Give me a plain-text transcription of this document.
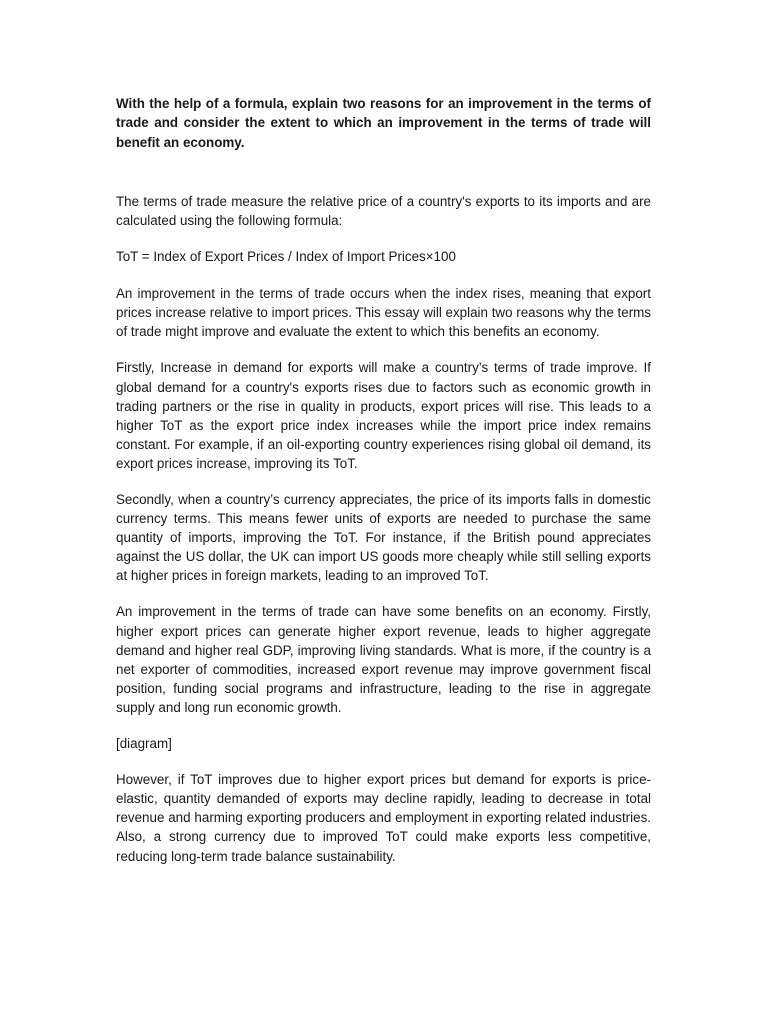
With the help of a formula, explain two reasons for an improvement in the terms of trade and consider the extent to which an improvement in the terms of trade will benefit an economy.

The terms of trade measure the relative price of a country's exports to its imports and are calculated using the following formula:

ToT = Index of Export Prices / Index of Import Prices×100

An improvement in the terms of trade occurs when the index rises, meaning that export prices increase relative to import prices. This essay will explain two reasons why the terms of trade might improve and evaluate the extent to which this benefits an economy.

Firstly, Increase in demand for exports will make a country’s terms of trade improve. If global demand for a country's exports rises due to factors such as economic growth in trading partners or the rise in quality in products, export prices will rise. This leads to a higher ToT as the export price index increases while the import price index remains constant. For example, if an oil-exporting country experiences rising global oil demand, its export prices increase, improving its ToT.

Secondly, when a country’s currency appreciates, the price of its imports falls in domestic currency terms. This means fewer units of exports are needed to purchase the same quantity of imports, improving the ToT. For instance, if the British pound appreciates against the US dollar, the UK can import US goods more cheaply while still selling exports at higher prices in foreign markets, leading to an improved ToT.

An improvement in the terms of trade can have some benefits on an economy. Firstly, higher export prices can generate higher export revenue, leads to higher aggregate demand and higher real GDP, improving living standards. What is more, if the country is a net exporter of commodities, increased export revenue may improve government fiscal position, funding social programs and infrastructure, leading to the rise in aggregate supply and long run economic growth.

[diagram]

However, if ToT improves due to higher export prices but demand for exports is price-elastic, quantity demanded of exports may decline rapidly, leading to decrease in total revenue and harming exporting producers and employment in exporting related industries. Also, a strong currency due to improved ToT could make exports less competitive, reducing long-term trade balance sustainability.
